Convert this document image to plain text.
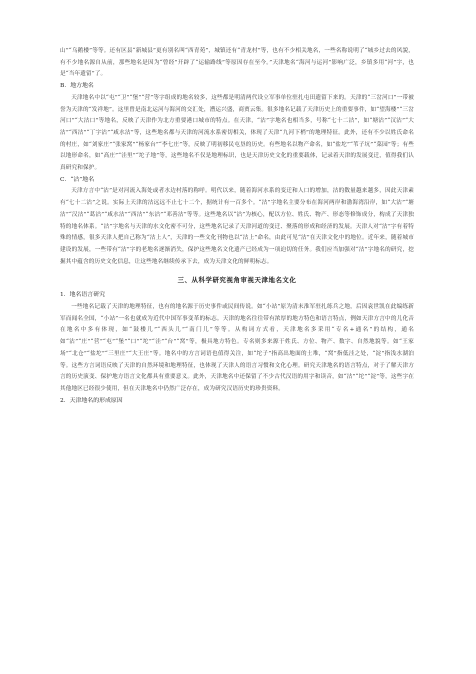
山”“乌鹅楼”等等。还有区县“新城县”更有别名叫“西青苑”，城镇还有“青龙村”等，也有不少相关地名，一些名称说明了“城乡过去的风貌，有不少地名源自从前，那些地名是因为“曾经”开辟了“运输路线”等原因存在至今。”天津地名“海河与运河”影响广泛，乡镇多用“河”字，也是“当年遗留”了。

B．地方地名

天津地名中以“屯”“卫”“堡”“营”等字组成的地名较多，这些都是明清两代设立军事单位驻扎屯田遗留下来的。天津的“三岔河口”一带被誉为天津的“发祥地”。这里曾是南北运河与海河的交汇处，漕运兴盛，商贾云集。很多地名记载了天津历史上的重要事件，如“望海楼”“三岔河口”“大沽口”等地名，反映了天津作为北方重要港口城市的特点。在天津，“沽”字地名也相当多，号称“七十二沽”，如“塘沽”“汉沽”“大沽”“西沽”“丁字沽”“咸水沽”等，这些地名都与天津的河流水系密切相关，体现了天津“九河下梢”的地理特征。此外，还有不少以姓氏命名的村庄，如“刘家庄”“张家窝”“杨家台”“李七庄”等，反映了明初移民屯垦的历史。有些地名以物产命名，如“盐坨”“苇子坑”“菜园”等；有些以地形命名，如“高庄”“洼里”“坨子地”等，这些地名不仅是地理标识，也是天津历史文化的重要载体，记录着天津的发展变迁，值得我们认真研究和保护。

C．“沽”地名

天津方言中“沽”是对河流入海处或者水边村落的称呼。明代以来，随着海河水系的变迁和人口的增加，沽的数量越来越多，因此天津素有“七十二沽”之说。实际上天津的沽远远不止七十二个，据统计有一百多个。“沽”字地名主要分布在海河两岸和渤海湾沿岸，如“大沽”“塘沽”“汉沽”“葛沽”“咸水沽”“西沽”“东沽”“邓善沽”等等。这些地名以“沽”为核心，配以方位、姓氏、物产、形态等修饰成分，构成了天津独特的地名体系。“沽”字地名与天津的水文化密不可分，这些地名记录了天津河道的变迁、聚落的形成和经济的发展。天津人对“沽”字有着特殊的情感，很多天津人把自己称为“沽上人”，天津的一些文化刊物也以“沽上”命名，由此可见“沽”在天津文化中的地位。近年来，随着城市建设的发展，一些带有“沽”字的老地名逐渐消失，保护这些地名文化遗产已经成为一项迫切的任务。我们应当加强对“沽”字地名的研究，挖掘其中蕴含的历史文化信息，让这些地名继续传承下去，成为天津文化的鲜明标志。

三、从科学研究视角审视天津地名文化

1．地名语言研究

一些地名记载了天津的地理特征，也有的地名源于历史事件或民间传说。如“小站”原为清末淮军驻扎练兵之地，后因袁世凯在此编练新军而闻名全国，“小站”一名也就成为近代中国军事变革的标志。天津的地名往往带有浓厚的地方特色和语言特点，例如天津方言中的儿化音在地名中多有体现，如“鼓楼儿”“西头儿”“南门儿”等等。从构词方式看，天津地名多采用“专名+通名”的结构，通名如“沽”“庄”“营”“屯”“堡”“口”“坨”“洼”“台”“窝”等，极具地方特色。专名则多来源于姓氏、方位、物产、数字、自然地貌等。如“王家场”“北仓”“盐坨”“三里庄”“大王庄”等。地名中的方言词语也值得关注，如“坨子”指高出地面的土堆，“窝”指低洼之处，“淀”指浅水湖泊等。这些方言词语反映了天津的自然环境和地理特征，也体现了天津人的语言习惯和文化心理。研究天津地名的语言特点，对于了解天津方言的历史演变、保护地方语言文化都具有重要意义。此外，天津地名中还保留了不少古代汉语的用字和读音，如“沽”“坨”“淀”等，这些字在其他地区已经很少使用，但在天津地名中仍然广泛存在，成为研究汉语历史的珍贵资料。

2．天津地名的形成原因
